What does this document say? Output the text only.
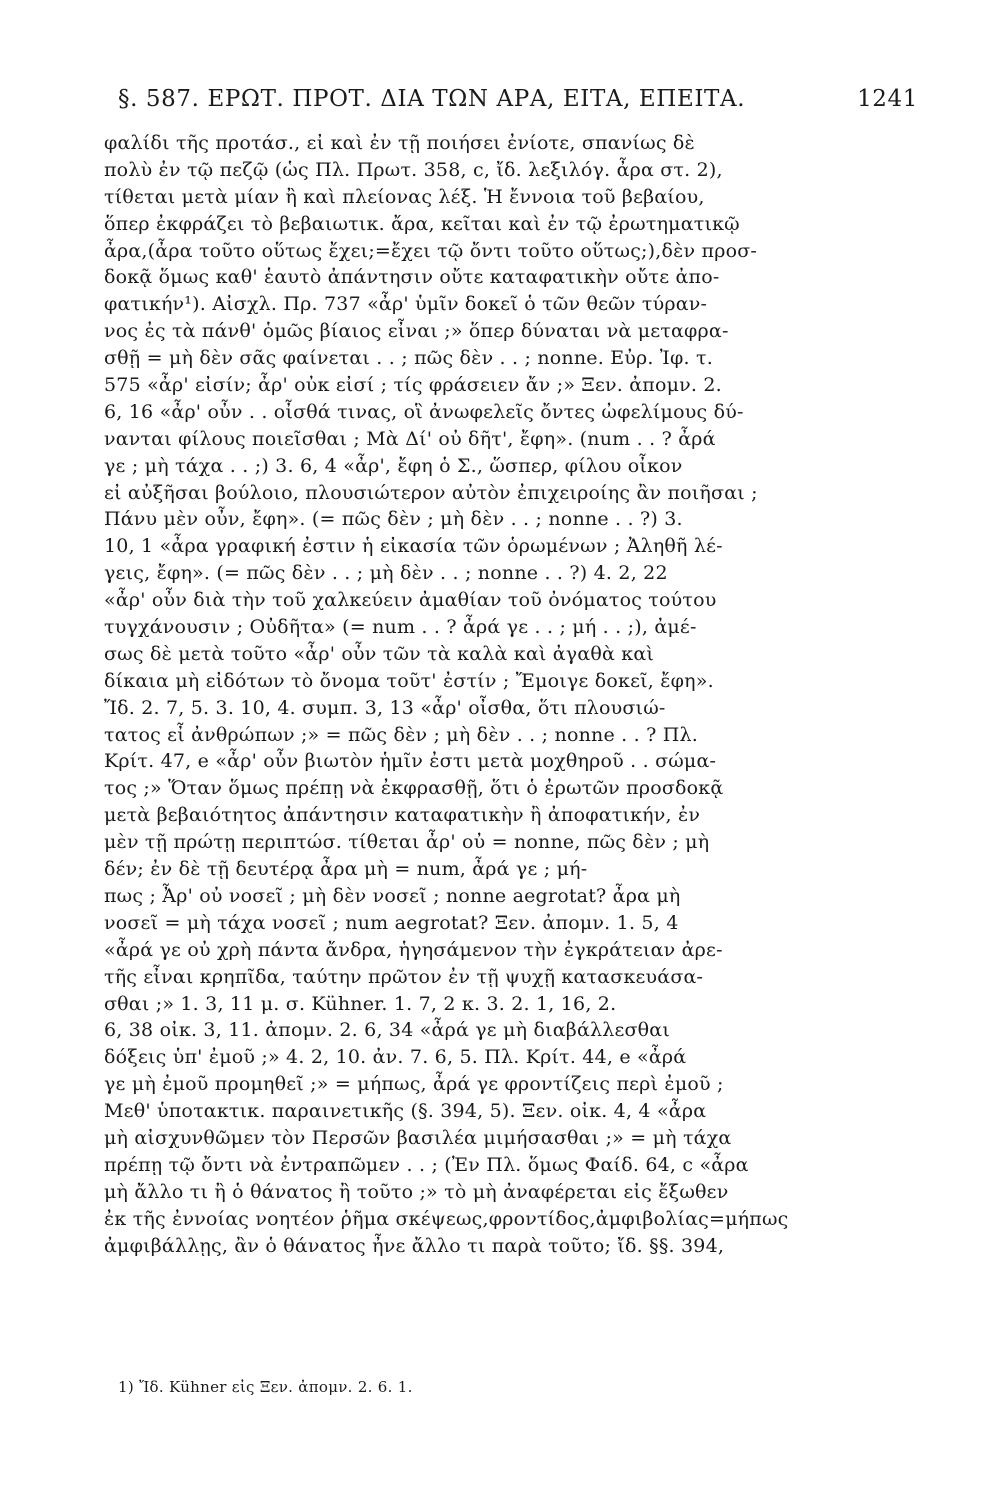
§. 587. ΕΡΩΤ. ΠΡΟΤ. ΔΙΑ ΤΩΝ ΑΡΑ, ΕΙΤΑ, ΕΠΕΙΤΑ.	1241
φαλίδι τῆς προτάσ., εἰ καὶ ἐν τῇ ποιήσει ἐνίοτε, σπανίως δὲ
πολὺ ἐν τῷ πεζῷ (ὡς Πλ. Πρωτ. 358, c, ἴδ. λεξιλόγ. ἆρα στ. 2),
τίθεται μετὰ μίαν ἢ καὶ πλείονας λέξ. Ἡ ἔννοια τοῦ βεβαίου,
ὅπερ ἐκφράζει τὸ βεβαιωτικ. ἄρα, κεῖται καὶ ἐν τῷ ἐρωτηματικῷ
ἆρα,(ἆρα τοῦτο οὕτως ἔχει;=ἔχει τῷ ὄντι τοῦτο οὕτως;),δὲν προσ-
δοκᾷ ὅμως καθ' ἑαυτὸ ἀπάντησιν οὔτε καταφατικὴν οὔτε ἀπο-
φατικήν¹). Αἰσχλ. Πρ. 737 «ἆρ' ὑμῖν δοκεῖ ὁ τῶν θεῶν τύραν-
νος ἐς τὰ πάνθ' ὁμῶς βίαιος εἶναι ;» ὅπερ δύναται νὰ μεταφρα-
σθῇ = μὴ δὲν σᾶς φαίνεται . . ; πῶς δὲν . . ; nonne. Εὐρ. Ἰφ. τ.
575 «ἆρ' εἰσίν; ἆρ' οὐκ εἰσί ; τίς φράσειεν ἄν ;» Ξεν. ἀπομν. 2.
6, 16 «ἆρ' οὖν . . οἶσθά τινας, οἳ ἀνωφελεῖς ὄντες ὠφελίμους δύ-
νανται φίλους ποιεῖσθαι ; Μὰ Δί' οὐ δῆτ', ἔφη». (num . . ? ἆρά
γε ; μὴ τάχα . . ;) 3. 6, 4 «ἆρ', ἔφη ὁ Σ., ὥσπερ, φίλου οἶκον
εἰ αὐξῆσαι βούλοιο, πλουσιώτερον αὐτὸν ἐπιχειροίης ἂν ποιῆσαι ;
Πάνυ μὲν οὖν, ἔφη». (= πῶς δὲν ; μὴ δὲν . . ; nonne . . ?) 3.
10, 1 «ἆρα γραφική ἐστιν ἡ εἰκασία τῶν ὁρωμένων ; Ἀληθῆ λέ-
γεις, ἔφη». (= πῶς δὲν . . ; μὴ δὲν . . ; nonne . . ?) 4. 2, 22
«ἆρ' οὖν διὰ τὴν τοῦ χαλκεύειν ἀμαθίαν τοῦ ὀνόματος τούτου
τυγχάνουσιν ; Οὐδῆτα» (= num . . ? ἆρά γε . . ; μή . . ;), ἀμέ-
σως δὲ μετὰ τοῦτο «ἆρ' οὖν τῶν τὰ καλὰ καὶ ἀγαθὰ καὶ
δίκαια μὴ εἰδότων τὸ ὄνομα τοῦτ' ἐστίν ; Ἔμοιγε δοκεῖ, ἔφη».
Ἴδ. 2. 7, 5. 3. 10, 4. συμπ. 3, 13 «ἆρ' οἶσθα, ὅτι πλουσιώ-
τατος εἶ ἀνθρώπων ;» = πῶς δὲν ; μὴ δὲν . . ; nonne . . ? Πλ.
Κρίτ. 47, e «ἆρ' οὖν βιωτὸν ἡμῖν ἐστι μετὰ μοχθηροῦ . . σώμα-
τος ;» Ὅταν ὅμως πρέπῃ νὰ ἐκφρασθῇ, ὅτι ὁ ἐρωτῶν προσδοκᾷ
μετὰ βεβαιότητος ἀπάντησιν καταφατικὴν ἢ ἀποφατικήν, ἐν
μὲν τῇ πρώτῃ περιπτώσ. τίθεται ἆρ' οὐ = nonne, πῶς δὲν ; μὴ
δέν; ἐν δὲ τῇ δευτέρᾳ ἆρα μὴ = num, ἆρά γε ; μή-
πως ; Ἆρ' οὐ νοσεῖ ; μὴ δὲν νοσεῖ ; nonne aegrotat? ἆρα μὴ
νοσεῖ = μὴ τάχα νοσεῖ ; num aegrotat? Ξεν. ἀπομν. 1. 5, 4
«ἆρά γε οὐ χρὴ πάντα ἄνδρα, ἡγησάμενον τὴν ἐγκράτειαν ἀρε-
τῆς εἶναι κρηπῖδα, ταύτην πρῶτον ἐν τῇ ψυχῇ κατασκευάσα-
σθαι ;» 1. 3, 11 μ. σ. Kühner. 1. 7, 2 κ. 3. 2. 1, 16, 2.
6, 38 οἰκ. 3, 11. ἀπομν. 2. 6, 34 «ἆρά γε μὴ διαβάλλεσθαι
δόξεις ὑπ' ἐμοῦ ;» 4. 2, 10. ἀν. 7. 6, 5. Πλ. Κρίτ. 44, e «ἆρά
γε μὴ ἐμοῦ προμηθεῖ ;» = μήπως, ἆρά γε φροντίζεις περὶ ἐμοῦ ;
Μεθ' ὑποτακτικ. παραινετικῆς (§. 394, 5). Ξεν. οἰκ. 4, 4 «ἆρα
μὴ αἰσχυνθῶμεν τὸν Περσῶν βασιλέα μιμήσασθαι ;» = μὴ τάχα
πρέπῃ τῷ ὄντι νὰ ἐντραπῶμεν . . ; (Ἐν Πλ. ὅμως Φαίδ. 64, c «ἆρα
μὴ ἄλλο τι ἢ ὁ θάνατος ἢ τοῦτο ;» τὸ μὴ ἀναφέρεται εἰς ἔξωθεν
ἐκ τῆς ἐννοίας νοητέον ῥῆμα σκέψεως,φροντίδος,ἀμφιβολίας=μήπως
ἀμφιβάλλῃς, ἂν ὁ θάνατος ἦνε ἄλλο τι παρὰ τοῦτο; ἴδ. §§. 394,
1) Ἴδ. Kühner εἰς Ξεν. ἀπομν. 2. 6. 1.
